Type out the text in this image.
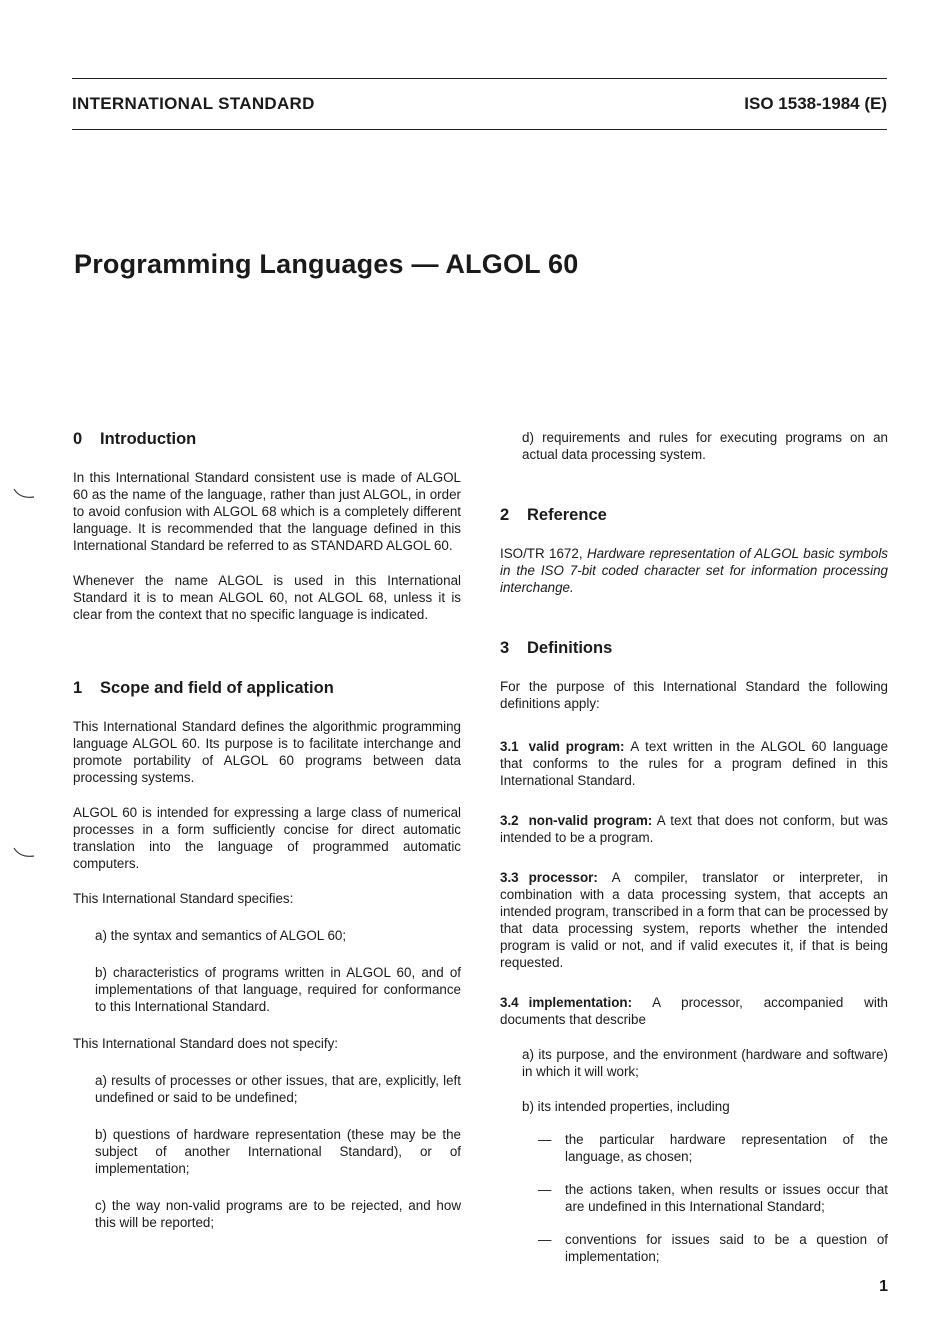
INTERNATIONAL STANDARD	ISO 1538-1984 (E)
Programming Languages — ALGOL 60
0 Introduction

In this International Standard consistent use is made of ALGOL 60 as the name of the language, rather than just ALGOL, in order to avoid confusion with ALGOL 68 which is a completely different language. It is recommended that the language defined in this International Standard be referred to as STANDARD ALGOL 60.

Whenever the name ALGOL is used in this International Standard it is to mean ALGOL 60, not ALGOL 68, unless it is clear from the context that no specific language is indicated.

1 Scope and field of application

This International Standard defines the algorithmic programming language ALGOL 60. Its purpose is to facilitate interchange and promote portability of ALGOL 60 programs between data processing systems.

ALGOL 60 is intended for expressing a large class of numerical processes in a form sufficiently concise for direct automatic translation into the language of programmed automatic computers.

This International Standard specifies:

a) the syntax and semantics of ALGOL 60;

b) characteristics of programs written in ALGOL 60, and of implementations of that language, required for conformance to this International Standard.

This International Standard does not specify:

a) results of processes or other issues, that are, explicitly, left undefined or said to be undefined;

b) questions of hardware representation (these may be the subject of another International Standard), or of implementation;

c) the way non-valid programs are to be rejected, and how this will be reported;

d) requirements and rules for executing programs on an actual data processing system.

2 Reference

ISO/TR 1672, Hardware representation of ALGOL basic symbols in the ISO 7-bit coded character set for information processing interchange.

3 Definitions

For the purpose of this International Standard the following definitions apply:

3.1 valid program: A text written in the ALGOL 60 language that conforms to the rules for a program defined in this International Standard.

3.2 non-valid program: A text that does not conform, but was intended to be a program.

3.3 processor: A compiler, translator or interpreter, in combination with a data processing system, that accepts an intended program, transcribed in a form that can be processed by that data processing system, reports whether the intended program is valid or not, and if valid executes it, if that is being requested.

3.4 implementation: A processor, accompanied with documents that describe

a) its purpose, and the environment (hardware and software) in which it will work;

b) its intended properties, including

—	the particular hardware representation of the language, as chosen;
—	the actions taken, when results or issues occur that are undefined in this International Standard;
—	conventions for issues said to be a question of implementation;
1
